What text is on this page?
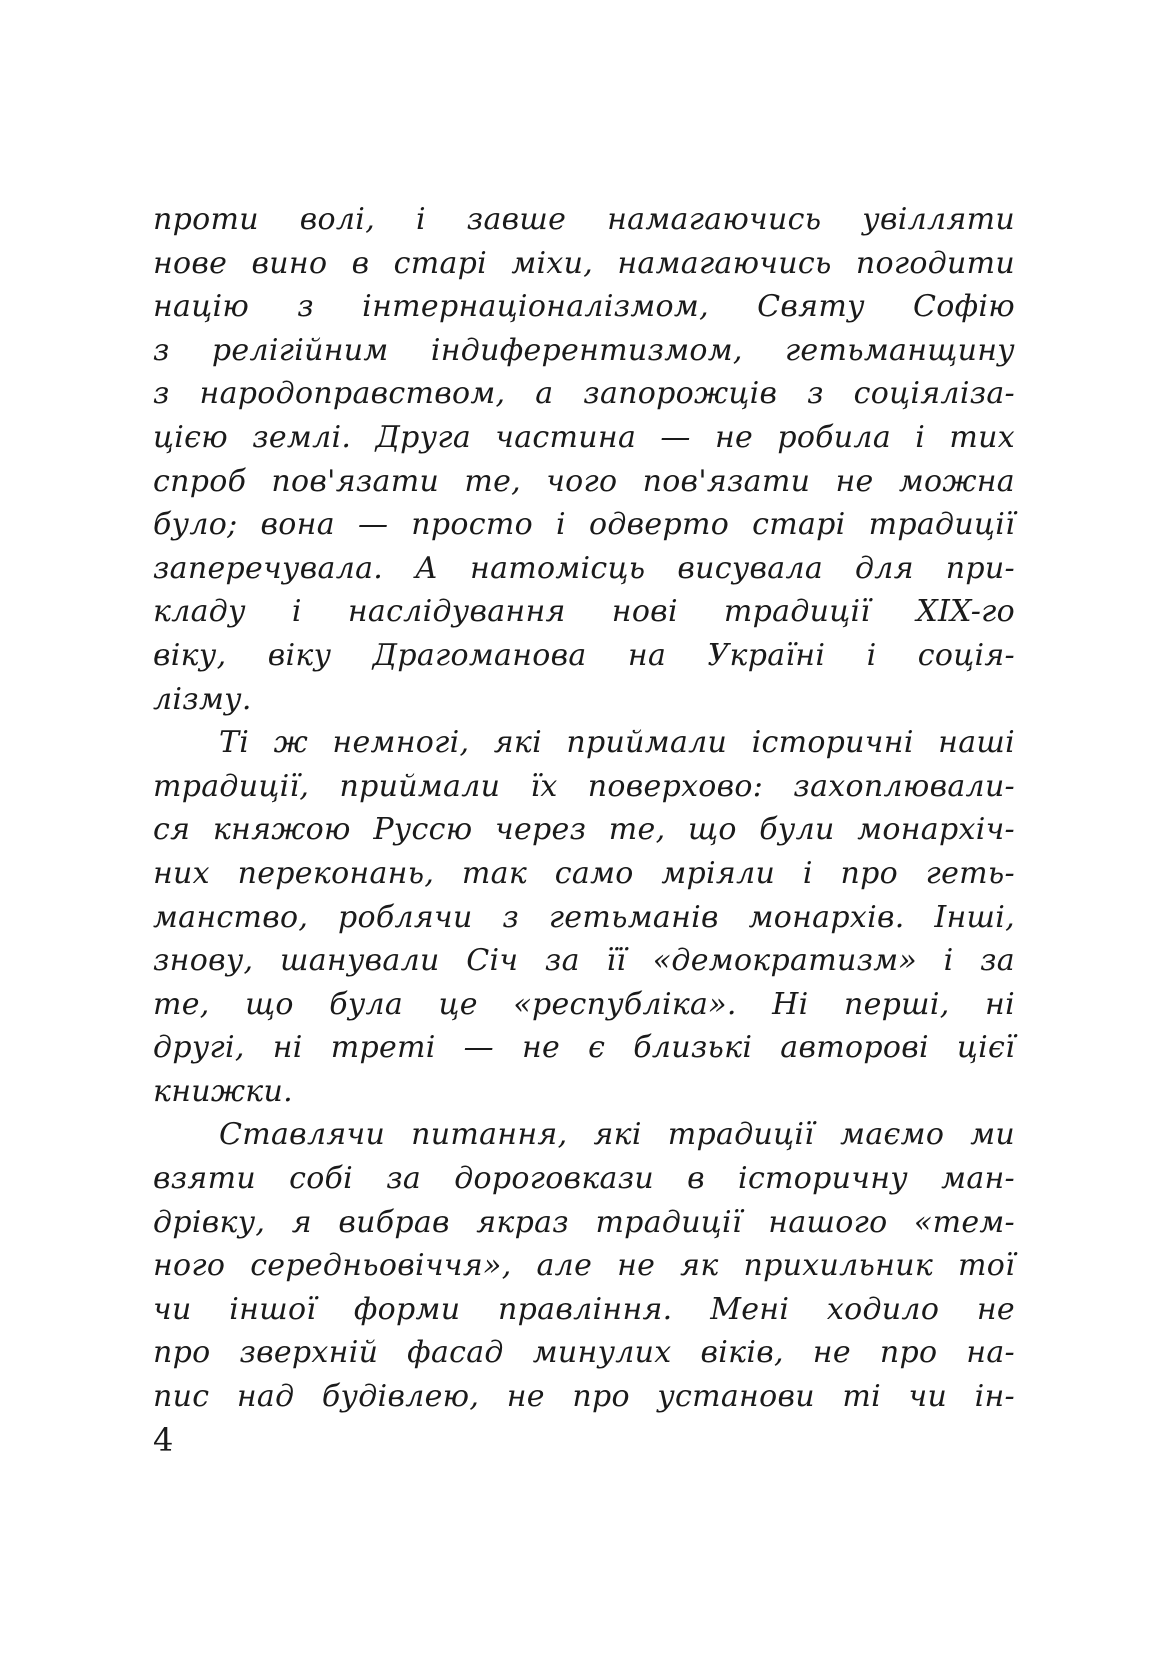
проти волі, і завше намагаючись увілляти
нове вино в старі міхи, намагаючись погодити
націю з інтернаціоналізмом, Святу Софію
з релігійним індиферентизмом, гетьманщину
з народоправством, а запорожців з соціяліза-
цією землі. Друга частина — не робила і тих
спроб пов'язати те, чого пов'язати не можна
було; вона — просто і одверто старі традиції
заперечувала. А натомісць висувала для при-
кладу і наслідування нові традиції XIX-го
віку, віку Драгоманова на Україні і соція-
лізму.
Ті ж немногі, які приймали історичні наші
традиції, приймали їх поверхово: захоплювали-
ся княжою Руссю через те, що були монархіч-
них переконань, так само мріяли і про геть-
манство, роблячи з гетьманів монархів. Інші,
знову, шанували Січ за її «демократизм» і за
те, що була це «республіка». Ні перші, ні
другі, ні треті — не є близькі авторові цієї
книжки.
Ставлячи питання, які традиції маємо ми
взяти собі за дороговкази в історичну ман-
дрівку, я вибрав якраз традиції нашого «тем-
ного середньовіччя», але не як прихильник тої
чи іншої форми правління. Мені ходило не
про зверхній фасад минулих віків, не про на-
пис над будівлею, не про установи ті чи ін-
4
